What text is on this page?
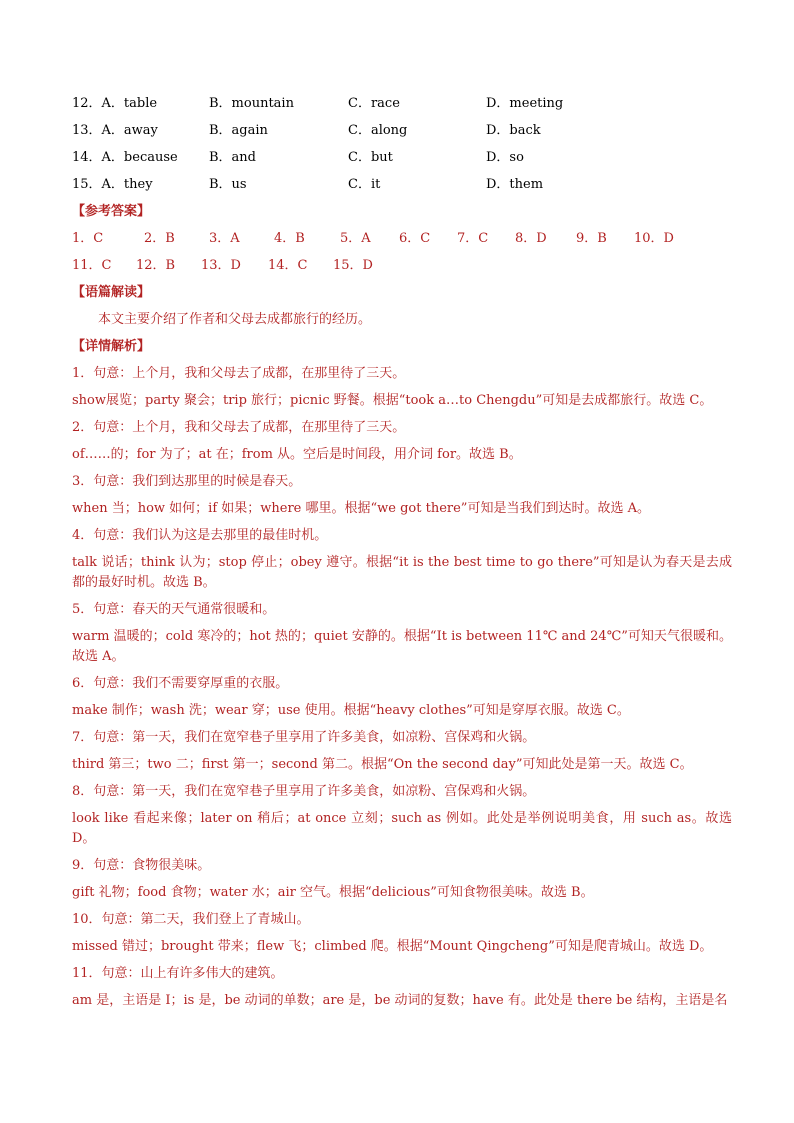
12．A．table	B．mountain	C．race	D．meeting
13．A．away	B．again	C．along	D．back
14．A．because B．and	C．but	D．so
15．A．they	B．us	C．it	D．them
【参考答案】
1．C	2．B	3．A	4．B	5．A 6．C 7．C 8．D 9．B 10．D
11．C 12．B 13．D 14．C 15．D
【语篇解读】
本文主要介绍了作者和父母去成都旅行的经历。
【详情解析】
1．句意：上个月，我和父母去了成都，在那里待了三天。
show展览；party 聚会；trip 旅行；picnic 野餐。根据“took a…to Chengdu”可知是去成都旅行。故选 C。
2．句意：上个月，我和父母去了成都，在那里待了三天。
of……的；for 为了；at 在；from 从。空后是时间段，用介词 for。故选 B。
3．句意：我们到达那里的时候是春天。
when 当；how 如何；if 如果；where 哪里。根据“we got there”可知是当我们到达时。故选 A。
4．句意：我们认为这是去那里的最佳时机。
talk 说话；think 认为；stop 停止；obey 遵守。根据“it is the best time to go there”可知是认为春天是去成都的最好时机。故选 B。
5．句意：春天的天气通常很暖和。
warm 温暖的；cold 寒冷的；hot 热的；quiet 安静的。根据“It is between 11℃ and 24℃”可知天气很暖和。故选 A。
6．句意：我们不需要穿厚重的衣服。
make 制作；wash 洗；wear 穿；use 使用。根据“heavy clothes”可知是穿厚衣服。故选 C。
7．句意：第一天，我们在宽窄巷子里享用了许多美食，如凉粉、宫保鸡和火锅。
third 第三；two 二；first 第一；second 第二。根据“On the second day”可知此处是第一天。故选 C。
8．句意：第一天，我们在宽窄巷子里享用了许多美食，如凉粉、宫保鸡和火锅。
look like 看起来像；later on 稍后；at once 立刻；such as 例如。此处是举例说明美食，用 such as。故选 D。
9．句意：食物很美味。
gift 礼物；food 食物；water 水；air 空气。根据“delicious”可知食物很美味。故选 B。
10．句意：第二天，我们登上了青城山。
missed 错过；brought 带来；flew 飞；climbed 爬。根据“Mount Qingcheng”可知是爬青城山。故选 D。
11．句意：山上有许多伟大的建筑。
am 是，主语是 I；is 是，be 动词的单数；are 是，be 动词的复数；have 有。此处是 there be 结构，主语是名
